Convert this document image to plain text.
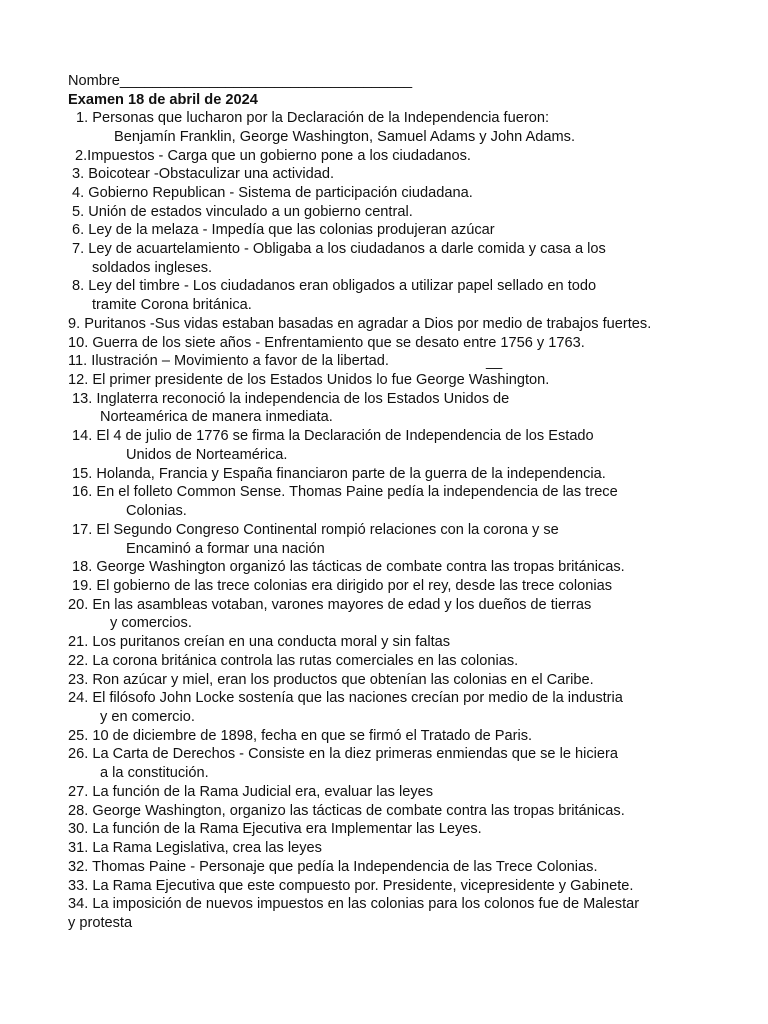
Nombre____________________________________
Examen 18 de abril de 2024
1. Personas que lucharon por la Declaración de la Independencia fueron:
Benjamín Franklin, George Washington, Samuel Adams y John Adams.
2.Impuestos - Carga que un gobierno pone a los ciudadanos.
3. Boicotear -Obstaculizar una actividad.
4. Gobierno Republican - Sistema de participación ciudadana.
5. Unión de estados vinculado a un gobierno central.
6. Ley de la melaza - Impedía que las colonias produjeran azúcar
7. Ley de acuartelamiento - Obligaba a los ciudadanos a darle comida y casa a los
soldados ingleses.
8. Ley del timbre - Los ciudadanos eran obligados a utilizar papel sellado en todo
tramite Corona británica.
9. Puritanos -Sus vidas estaban basadas en agradar a Dios por medio de trabajos fuertes.
10. Guerra de los siete años - Enfrentamiento que se desato entre 1756 y 1763.
11. Ilustración – Movimiento a favor de la libertad.	__
12. El primer presidente de los Estados Unidos lo fue George Washington.
13. Inglaterra reconoció la independencia de los Estados Unidos de
Norteamérica de manera inmediata.
14. El 4 de julio de 1776 se firma la Declaración de Independencia de los Estado
Unidos de Norteamérica.
15. Holanda, Francia y España financiaron parte de la guerra de la independencia.
16. En el folleto Common Sense. Thomas Paine pedía la independencia de las trece
Colonias.
17. El Segundo Congreso Continental rompió relaciones con la corona y se
Encaminó a formar una nación
18. George Washington organizó las tácticas de combate contra las tropas británicas.
19. El gobierno de las trece colonias era dirigido por el rey, desde las trece colonias
20. En las asambleas votaban, varones mayores de edad y los dueños de tierras
y comercios.
21. Los puritanos creían en una conducta moral y sin faltas
22. La corona británica controla las rutas comerciales en las colonias.
23. Ron azúcar y miel, eran los productos que obtenían las colonias en el Caribe.
24. El filósofo John Locke sostenía que las naciones crecían por medio de la industria
y en comercio.
25. 10 de diciembre de 1898, fecha en que se firmó el Tratado de Paris.
26. La Carta de Derechos - Consiste en la diez primeras enmiendas que se le hiciera
a la constitución.
27. La función de la Rama Judicial era, evaluar las leyes
28. George Washington, organizo las tácticas de combate contra las tropas británicas.
30. La función de la Rama Ejecutiva era Implementar las Leyes.
31. La Rama Legislativa, crea las leyes
32. Thomas Paine - Personaje que pedía la Independencia de las Trece Colonias.
33. La Rama Ejecutiva que este compuesto por. Presidente, vicepresidente y Gabinete.
34. La imposición de nuevos impuestos en las colonias para los colonos fue de Malestar
y protesta
